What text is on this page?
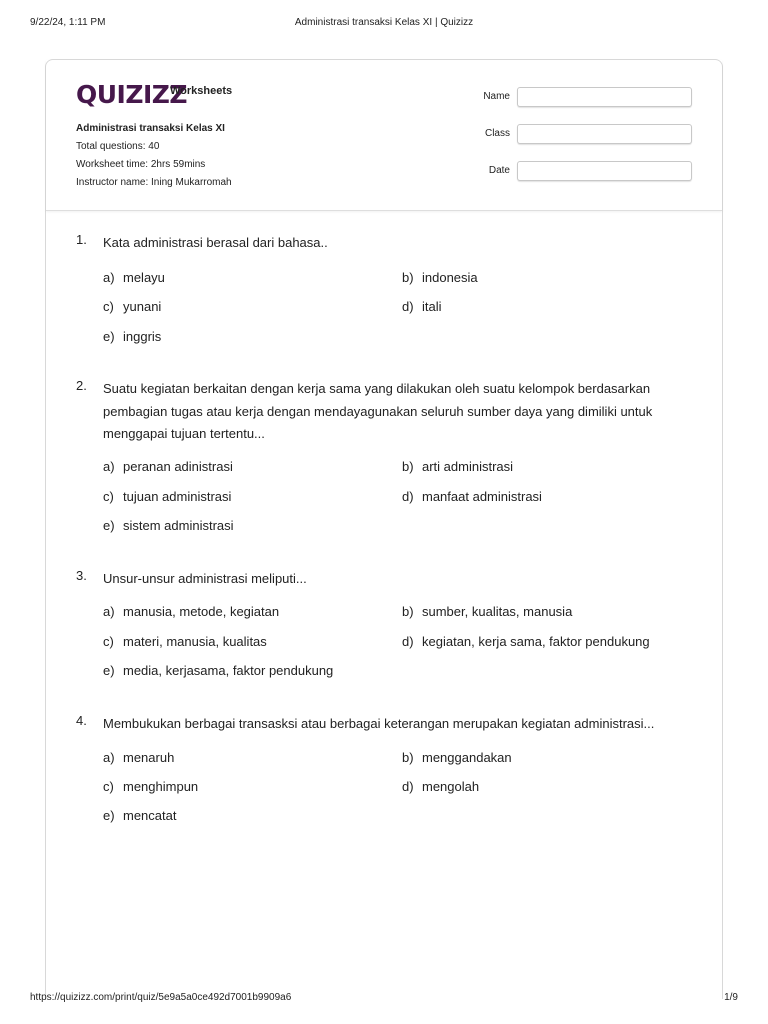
9/22/24, 1:11 PM	Administrasi transaksi Kelas XI | Quizizz
QUIZIZZ
Worksheets
Administrasi transaksi Kelas XI
Total questions: 40
Worksheet time: 2hrs 59mins
Instructor name: Ining Mukarromah
Name
Class
Date
1. Kata administrasi berasal dari bahasa..
a) melayu	b) indonesia
c) yunani	d) itali
e) inggris
2. Suatu kegiatan berkaitan dengan kerja sama yang dilakukan oleh suatu kelompok berdasarkan pembagian tugas atau kerja dengan mendayagunakan seluruh sumber daya yang dimiliki untuk menggapai tujuan tertentu...
a) peranan adinistrasi	b) arti administrasi
c) tujuan administrasi	d) manfaat administrasi
e) sistem administrasi
3. Unsur-unsur administrasi meliputi...
a) manusia, metode, kegiatan	b) sumber, kualitas, manusia
c) materi, manusia, kualitas	d) kegiatan, kerja sama, faktor pendukung
e) media, kerjasama, faktor pendukung
4. Membukukan berbagai transasksi atau berbagai keterangan merupakan kegiatan administrasi...
a) menaruh	b) menggandakan
c) menghimpun	d) mengolah
e) mencatat
https://quizizz.com/print/quiz/5e9a5a0ce492d7001b9909a6	1/9
